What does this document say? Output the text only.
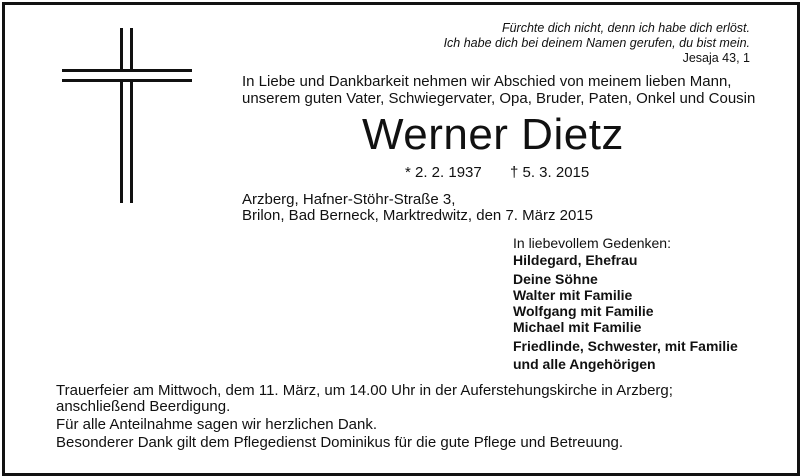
Fürchte dich nicht, denn ich habe dich erlöst.
Ich habe dich bei deinem Namen gerufen, du bist mein.
Jesaja 43, 1
In Liebe und Dankbarkeit nehmen wir Abschied von meinem lieben Mann,
unserem guten Vater, Schwiegervater, Opa, Bruder, Paten, Onkel und Cousin
Werner Dietz
* 2. 2. 1937 † 5. 3. 2015
Arzberg, Hafner-Stöhr-Straße 3,
Brilon, Bad Berneck, Marktredwitz, den 7. März 2015
In liebevollem Gedenken:
Hildegard, Ehefrau
Deine Söhne
Walter mit Familie
Wolfgang mit Familie
Michael mit Familie
Friedlinde, Schwester, mit Familie
und alle Angehörigen
Trauerfeier am Mittwoch, dem 11. März, um 14.00 Uhr in der Auferstehungskirche in Arzberg;
anschließend Beerdigung.
Für alle Anteilnahme sagen wir herzlichen Dank.
Besonderer Dank gilt dem Pflegedienst Dominikus für die gute Pflege und Betreuung.
